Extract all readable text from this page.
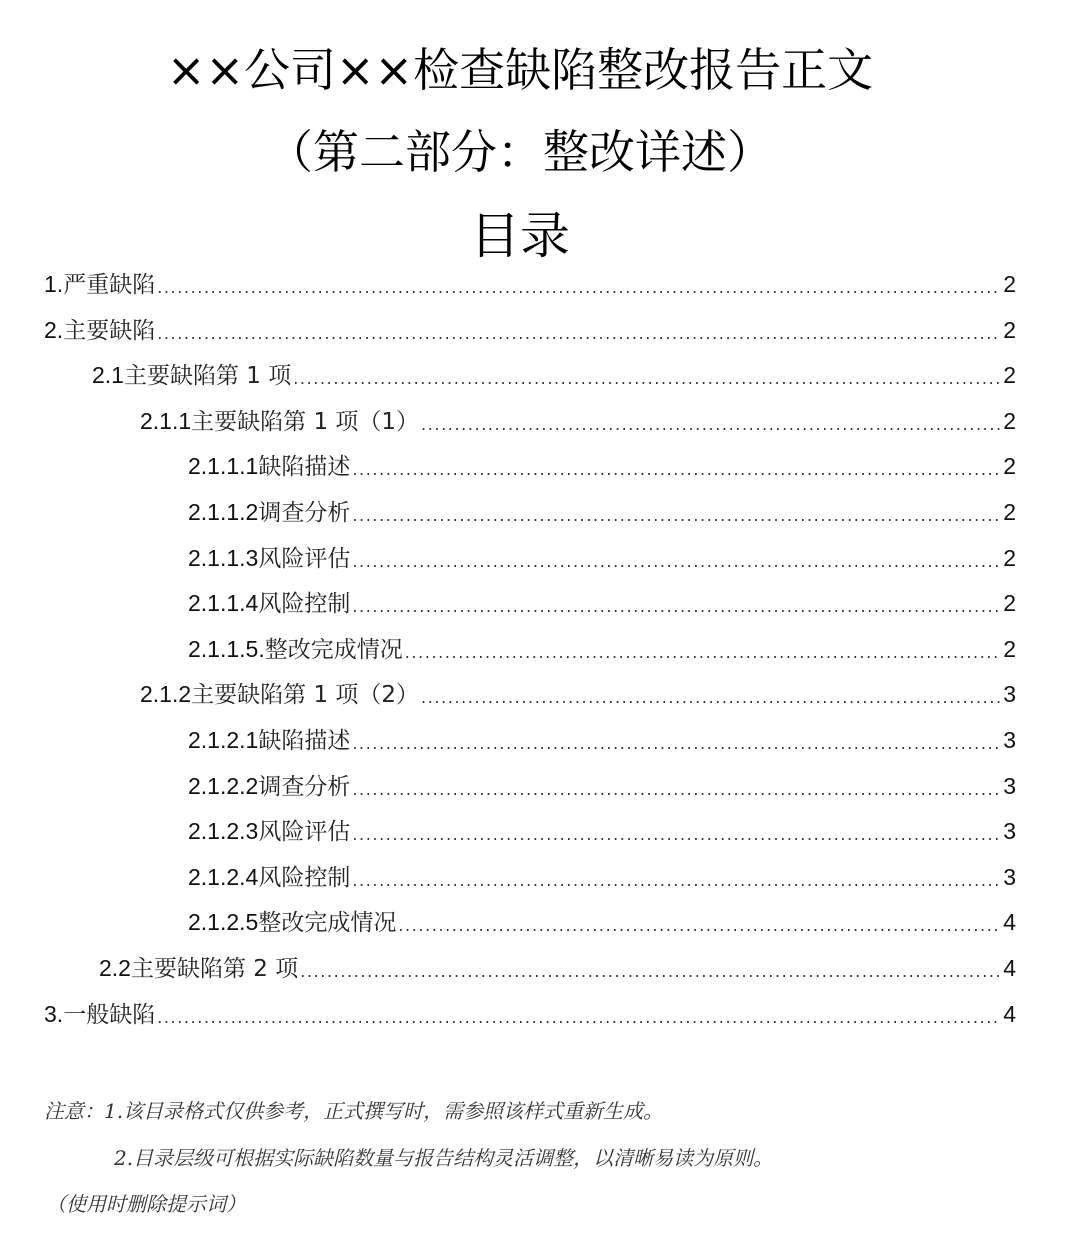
××公司××检查缺陷整改报告正文
（第二部分：整改详述）
目录
1. 严重缺陷 .....	2
2. 主要缺陷 .....	2
2.1 主要缺陷第 1 项 .....	2
2.1.1 主要缺陷第 1 项（1） .....	2
2.1.1.1 缺陷描述 .....	2
2.1.1.2 调查分析 .....	2
2.1.1.3 风险评估 .....	2
2.1.1.4 风险控制 .....	2
2.1.1.5. 整改完成情况 .....	2
2.1.2 主要缺陷第 1 项（2） .....	3
2.1.2.1 缺陷描述 .....	3
2.1.2.2 调查分析 .....	3
2.1.2.3 风险评估 .....	3
2.1.2.4 风险控制 .....	3
2.1.2.5 整改完成情况 .....	4
2.2 主要缺陷第 2 项 .....	4
3. 一般缺陷 .....	4
注意：1.该目录格式仅供参考，正式撰写时，需参照该样式重新生成。
2.目录层级可根据实际缺陷数量与报告结构灵活调整，以清晰易读为原则。
（使用时删除提示词）
